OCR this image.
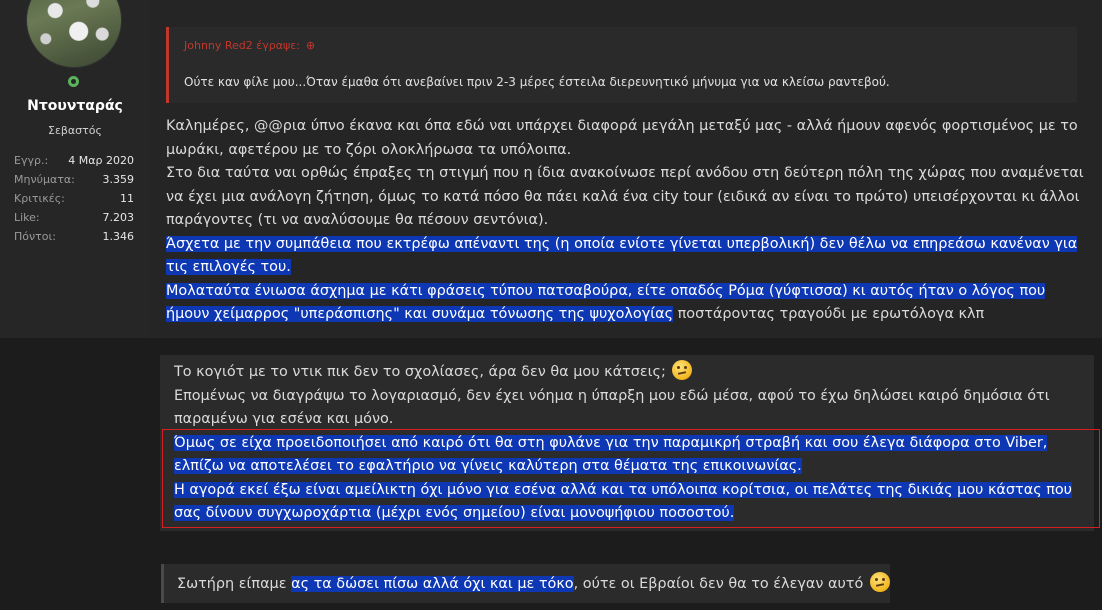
Ντουνταράς
Σεβαστός
Εγγρ.: 4 Μαρ 2020
Μηνύματα:	3.359
Κριτικές:	11
Like:	7.203
Πόντοι:	1.346
Johnny Red2 έγραψε: ⊕
Ούτε καν φίλε μου...Όταν έμαθα ότι ανεβαίνει πριν 2-3 μέρες έστειλα διερευνητικό μήνυμα για να κλείσω ραντεβού.
Καλημέρες, @@ρια ύπνο έκανα και όπα εδώ ναι υπάρχει διαφορά μεγάλη μεταξύ μας - αλλά ήμουν αφενός φορτισμένος με το μωράκι, αφετέρου με το ζόρι ολοκλήρωσα τα υπόλοιπα.
Στο δια ταύτα ναι ορθώς έπραξες τη στιγμή που η ίδια ανακοίνωσε περί ανόδου στη δεύτερη πόλη της χώρας που αναμένεται να έχει μια ανάλογη ζήτηση, όμως το κατά πόσο θα πάει καλά ένα city tour (ειδικά αν είναι το πρώτο) υπεισέρχονται κι άλλοι παράγοντες (τι να αναλύσουμε θα πέσουν σεντόνια).
Άσχετα με την συμπάθεια που εκτρέφω απέναντι της (η οποία ενίοτε γίνεται υπερβολική) δεν θέλω να επηρεάσω κανέναν για τις επιλογές του.
Μολαταύτα ένιωσα άσχημα με κάτι φράσεις τύπου πατσαβούρα, είτε οπαδός Ρόμα (γύφτισσα) κι αυτός ήταν ο λόγος που ήμουν χείμαρρος "υπεράσπισης" και συνάμα τόνωσης της ψυχολογίας ποστάροντας τραγούδι με ερωτόλογα κλπ
Το κογιότ με το ντικ πικ δεν το σχολίασες, άρα δεν θα μου κάτσεις;
Επομένως να διαγράψω το λογαριασμό, δεν έχει νόημα η ύπαρξη μου εδώ μέσα, αφού το έχω δηλώσει καιρό δημόσια ότι παραμένω για εσένα και μόνο.
Όμως σε είχα προειδοποιήσει από καιρό ότι θα στη φυλάνε για την παραμικρή στραβή και σου έλεγα διάφορα στο Viber, ελπίζω να αποτελέσει το εφαλτήριο να γίνεις καλύτερη στα θέματα της επικοινωνίας.
Η αγορά εκεί έξω είναι αμείλικτη όχι μόνο για εσένα αλλά και τα υπόλοιπα κορίτσια, οι πελάτες της δικιάς μου κάστας που σας δίνουν συγχωροχάρτια (μέχρι ενός σημείου) είναι μονοψήφιου ποσοστού.
Σωτήρη είπαμε ας τα δώσει πίσω αλλά όχι και με τόκο, ούτε οι Εβραίοι δεν θα το έλεγαν αυτό
